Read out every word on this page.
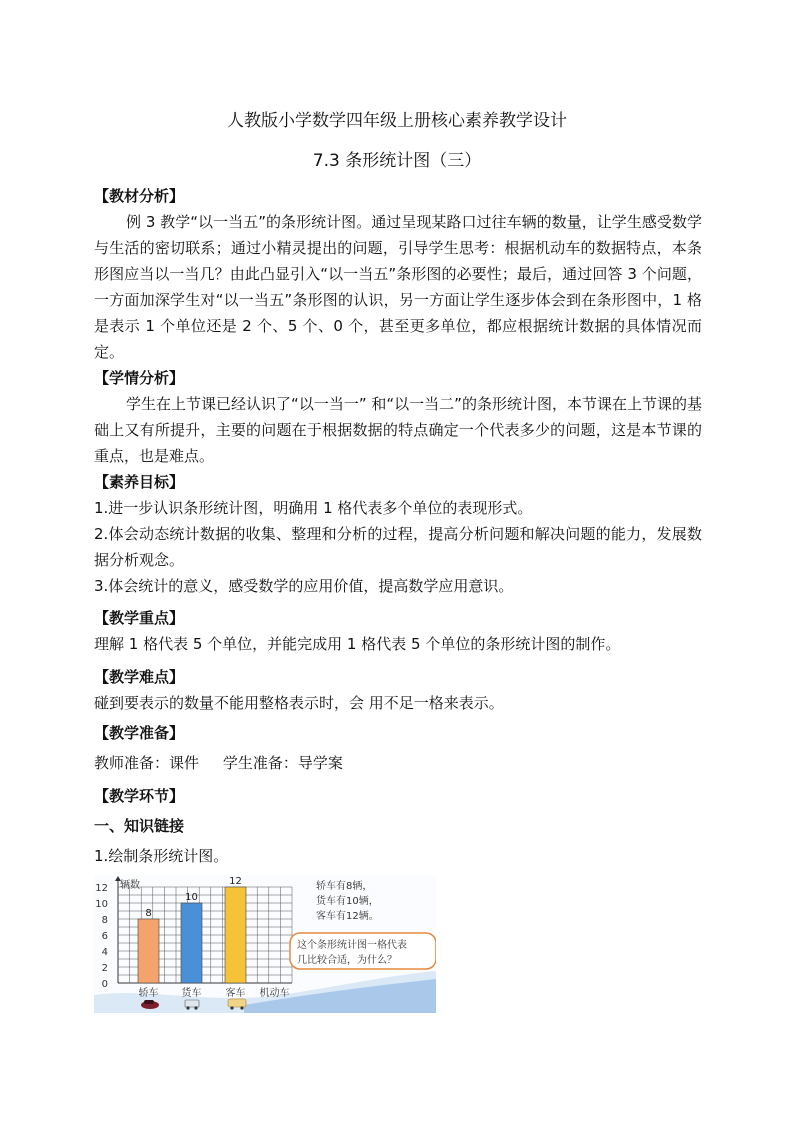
人教版小学数学四年级上册核心素养教学设计
7.3 条形统计图（三）
【教材分析】
例 3 教学“以一当五”的条形统计图。通过呈现某路口过往车辆的数量，让学生感受数学与生活的密切联系；通过小精灵提出的问题，引导学生思考：根据机动车的数据特点，本条形图应当以一当几？由此凸显引入“以一当五”条形图的必要性；最后，通过回答 3 个问题，一方面加深学生对“以一当五”条形图的认识，另一方面让学生逐步体会到在条形图中，1 格是表示 1 个单位还是 2 个、5 个、0 个，甚至更多单位，都应根据统计数据的具体情况而定。
【学情分析】
学生在上节课已经认识了“以一当一” 和“以一当二”的条形统计图，本节课在上节课的基础上又有所提升，主要的问题在于根据数据的特点确定一个代表多少的问题，这是本节课的重点，也是难点。
【素养目标】
1.进一步认识条形统计图，明确用 1 格代表多个单位的表现形式。
2.体会动态统计数据的收集、整理和分析的过程，提高分析问题和解决问题的能力，发展数据分析观念。
3.体会统计的意义，感受数学的应用价值，提高数学应用意识。
【教学重点】
理解 1 格代表 5 个单位，并能完成用 1 格代表 5 个单位的条形统计图的制作。
【教学难点】
碰到要表示的数量不能用整格表示时，会 用不足一格来表示。
【教学准备】
教师准备：课件     学生准备：导学案
【教学环节】
一、知识链接
1.绘制条形统计图。
0
2
4
6
8
10
12
8
轿车
10
货车
12
客车 机动车
辆数	轿车有8辆，
货车有10辆，
客车有12辆。
这个条形统计图一格代表
几比较合适，为什么？
